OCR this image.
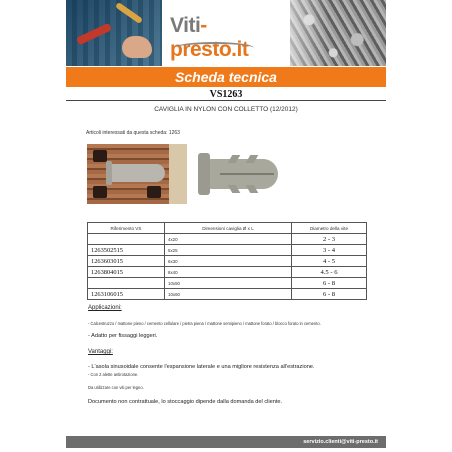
Viti-presto.it
Scheda tecnica
VS1263
CAVIGLIA IN NYLON CON COLLETTO (12/2012)
Articoli interessati da questa scheda: 1263
Riferimento VS	Dimensioni caviglia Ø x L	Diametro della vite
	4x20	2 - 3
1263502515	5x25	3 - 4
1263603015	6x30	4 - 5
1263804015	8x40	4.5 - 6
	10x50	6 - 8
1263106015	10x60	6 - 8
Applicazioni:
- Calcestruzzo / mattone pieno / cemento cellulare / pietra piena / mattone semipieno / mattone forato / blocco forato in cemento.
- Adatto per fissaggi leggeri.
Vantaggi:
- L'asola sinusoidale consente l'espansione laterale e una migliore resistenza all'estrazione.
- Con 2 alette antirotazione.
Da utilizzare con viti per legno.
Documento non contrattuale, lo stoccaggio dipende dalla domanda del cliente.
servizio.clienti@viti-presto.it
